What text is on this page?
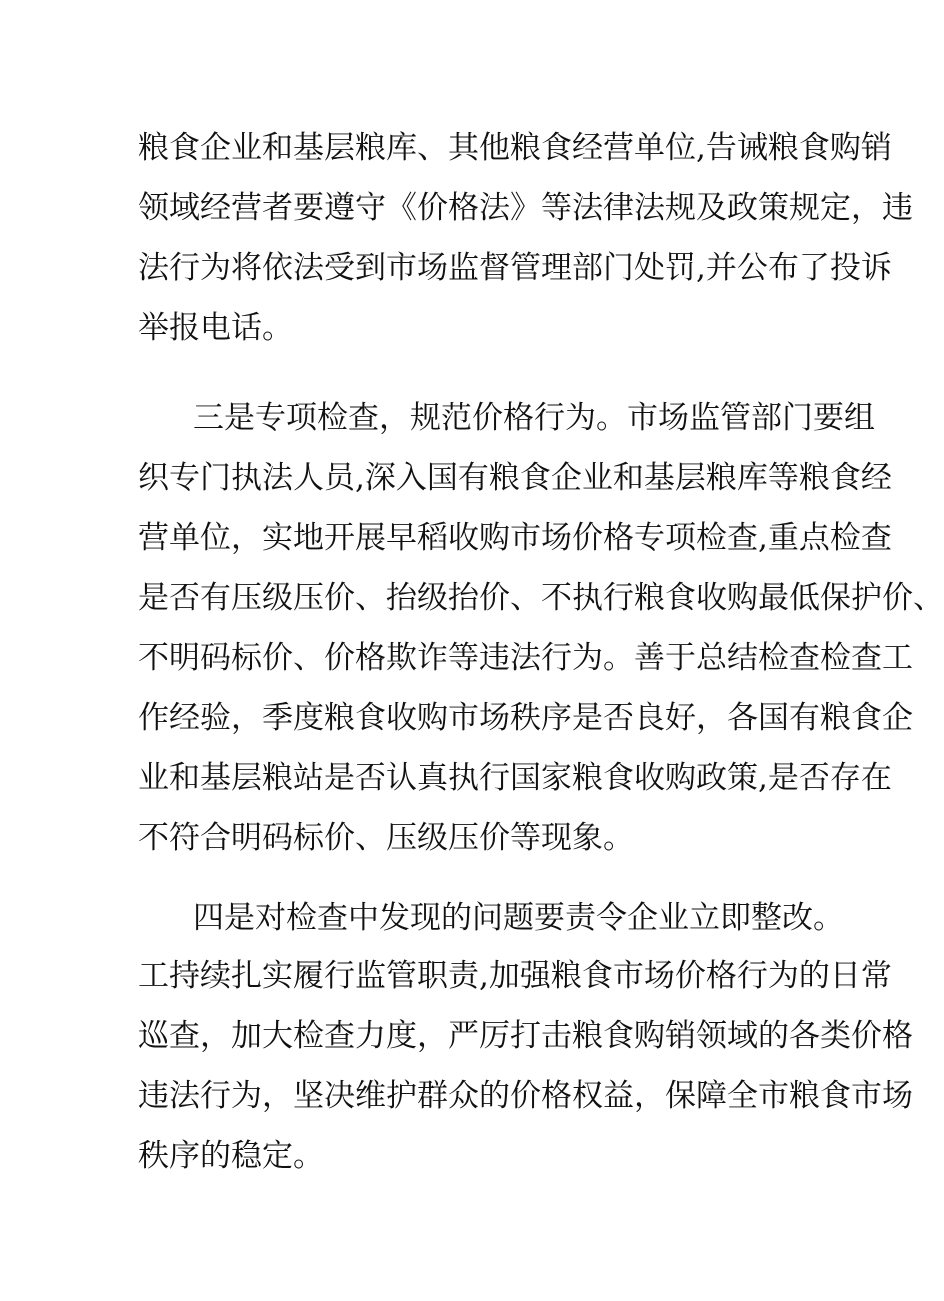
粮食企业和基层粮库、其他粮食经营单位,告诫粮食购销
领域经营者要遵守《价格法》等法律法规及政策规定，违
法行为将依法受到市场监督管理部门处罚,并公布了投诉
举报电话。
三是专项检查，规范价格行为。市场监管部门要组
织专门执法人员,深入国有粮食企业和基层粮库等粮食经
营单位，实地开展早稻收购市场价格专项检查,重点检查
是否有压级压价、抬级抬价、不执行粮食收购最低保护价、
不明码标价、价格欺诈等违法行为。善于总结检查检查工
作经验，季度粮食收购市场秩序是否良好，各国有粮食企
业和基层粮站是否认真执行国家粮食收购政策,是否存在
不符合明码标价、压级压价等现象。
四是对检查中发现的问题要责令企业立即整改。
工持续扎实履行监管职责,加强粮食市场价格行为的日常
巡查，加大检查力度，严厉打击粮食购销领域的各类价格
违法行为，坚决维护群众的价格权益，保障全市粮食市场
秩序的稳定。
